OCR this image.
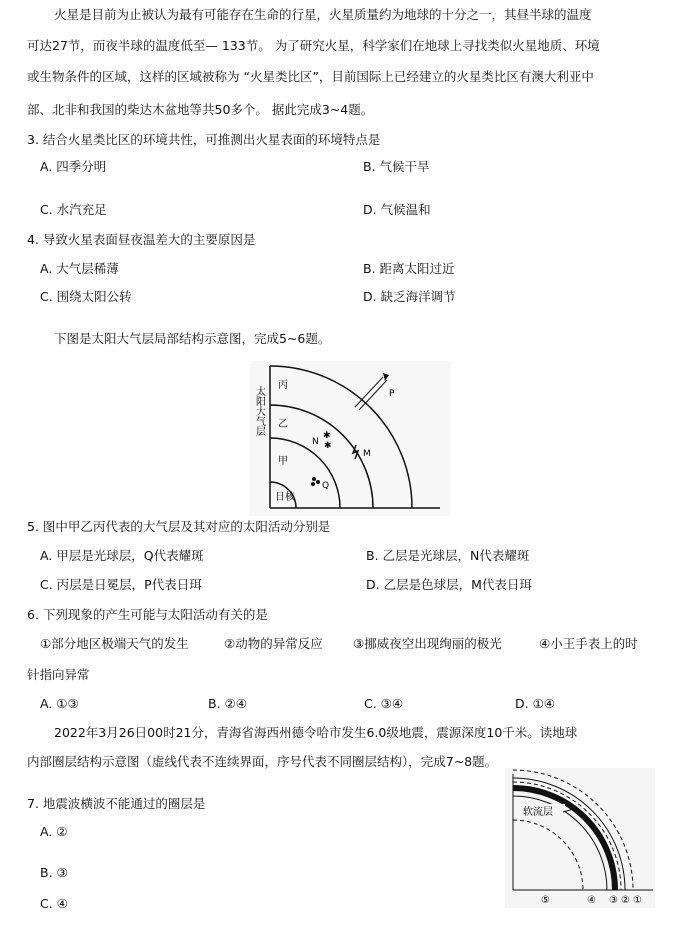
火星是目前为止被认为最有可能存在生命的行星，火星质量约为地球的十分之一，其昼半球的温度
可达27节，而夜半球的温度低至— 133节。 为了研究火星，科学家们在地球上寻找类似火星地质、环境
或生物条件的区域，这样的区域被称为 “火星类比区”，目前国际上已经建立的火星类比区有澳大利亚中
部、北非和我国的柴达木盆地等共50多个。 据此完成3~4题。
3. 结合火星类比区的环境共性，可推测出火星表面的环境特点是
A. 四季分明	B. 气候干旱
C. 水汽充足	D. 气候温和
4. 导致火星表面昼夜温差大的主要原因是
A. 大气层稀薄	B. 距离太阳过近
C. 围绕太阳公转	D. 缺乏海洋调节
下图是太阳大气层局部结构示意图，完成5~6题。
太阳大气层
丙
乙
甲
日核
P
✱
✱
N
M
Q
5. 图中甲乙丙代表的大气层及其对应的太阳活动分别是
A. 甲层是光球层，Q代表耀斑	B. 乙层是光球层，N代表耀斑
C. 丙层是日冕层，P代表日珥	D. 乙层是色球层，M代表日珥
6. 下列现象的产生可能与太阳活动有关的是
①部分地区极端天气的发生	②动物的异常反应 ③挪威夜空出现绚丽的极光	④小王手表上的时
针指向异常
A. ①③	B. ②④	C. ③④	D. ①④
2022年3月26日00时21分，青海省海西州德令哈市发生6.0级地震，震源深度10千米。读地球
内部圈层结构示意图（虚线代表不连续界面，序号代表不同圈层结构），完成7~8题。
7. 地震波横波不能通过的圈层是
A. ②
B. ③
C. ④
软流层
⑤	④ ③ ② ①
